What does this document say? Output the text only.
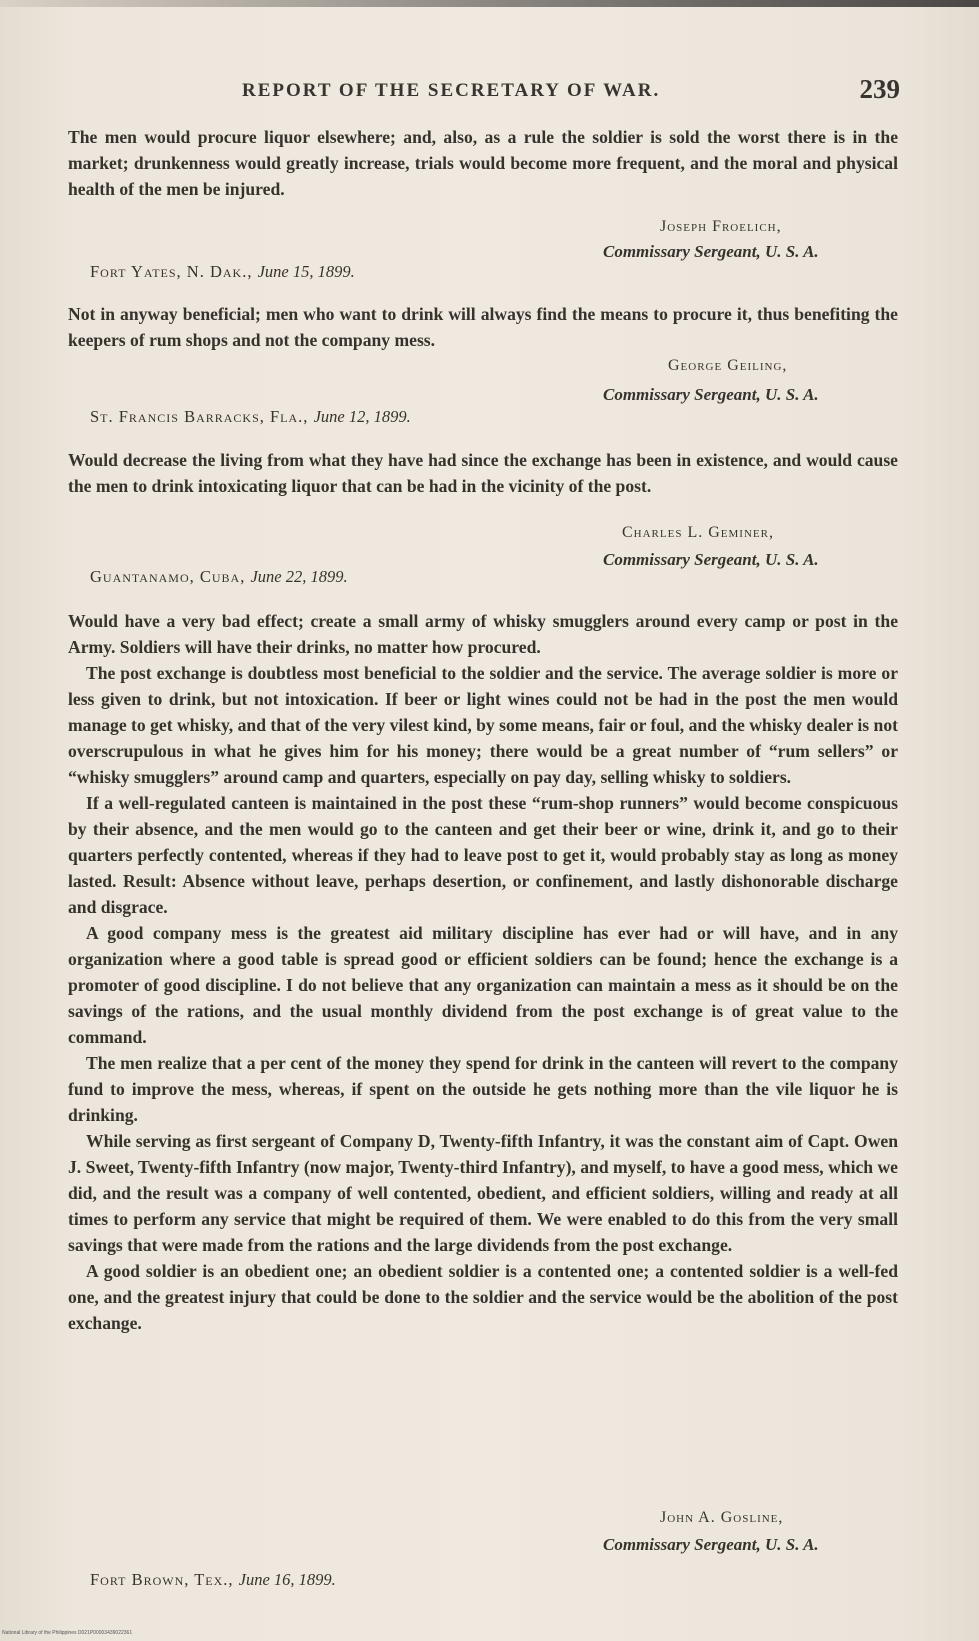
REPORT OF THE SECRETARY OF WAR.	239
The men would procure liquor elsewhere; and, also, as a rule the soldier is sold the worst there is in the market; drunkenness would greatly increase, trials would become more frequent, and the moral and physical health of the men be injured.
Joseph Froelich,
Commissary Sergeant, U. S. A.
Fort Yates, N. Dak., June 15, 1899.
Not in anyway beneficial; men who want to drink will always find the means to procure it, thus benefiting the keepers of rum shops and not the company mess.
George Geiling,
Commissary Sergeant, U. S. A.
St. Francis Barracks, Fla., June 12, 1899.
Would decrease the living from what they have had since the exchange has been in existence, and would cause the men to drink intoxicating liquor that can be had in the vicinity of the post.
Charles L. Geminer,
Commissary Sergeant, U. S. A.
Guantanamo, Cuba, June 22, 1899.
Would have a very bad effect; create a small army of whisky smugglers around every camp or post in the Army. Soldiers will have their drinks, no matter how procured.
The post exchange is doubtless most beneficial to the soldier and the service. The average soldier is more or less given to drink, but not intoxication. If beer or light wines could not be had in the post the men would manage to get whisky, and that of the very vilest kind, by some means, fair or foul, and the whisky dealer is not overscrupulous in what he gives him for his money; there would be a great number of “rum sellers” or “whisky smugglers” around camp and quarters, especially on pay day, selling whisky to soldiers.
If a well-regulated canteen is maintained in the post these “rum-shop runners” would become conspicuous by their absence, and the men would go to the canteen and get their beer or wine, drink it, and go to their quarters perfectly contented, whereas if they had to leave post to get it, would probably stay as long as money lasted. Result: Absence without leave, perhaps desertion, or confinement, and lastly dishonorable discharge and disgrace.
A good company mess is the greatest aid military discipline has ever had or will have, and in any organization where a good table is spread good or efficient soldiers can be found; hence the exchange is a promoter of good discipline. I do not believe that any organization can maintain a mess as it should be on the savings of the rations, and the usual monthly dividend from the post exchange is of great value to the command.
The men realize that a per cent of the money they spend for drink in the canteen will revert to the company fund to improve the mess, whereas, if spent on the outside he gets nothing more than the vile liquor he is drinking.
While serving as first sergeant of Company D, Twenty-fifth Infantry, it was the constant aim of Capt. Owen J. Sweet, Twenty-fifth Infantry (now major, Twenty-third Infantry), and myself, to have a good mess, which we did, and the result was a company of well contented, obedient, and efficient soldiers, willing and ready at all times to perform any service that might be required of them. We were enabled to do this from the very small savings that were made from the rations and the large dividends from the post exchange.
A good soldier is an obedient one; an obedient soldier is a contented one; a contented soldier is a well-fed one, and the greatest injury that could be done to the soldier and the service would be the abolition of the post exchange.
John A. Gosline,
Commissary Sergeant, U. S. A.
Fort Brown, Tex., June 16, 1899.
National Library of the Philippines D021P00003439022361
